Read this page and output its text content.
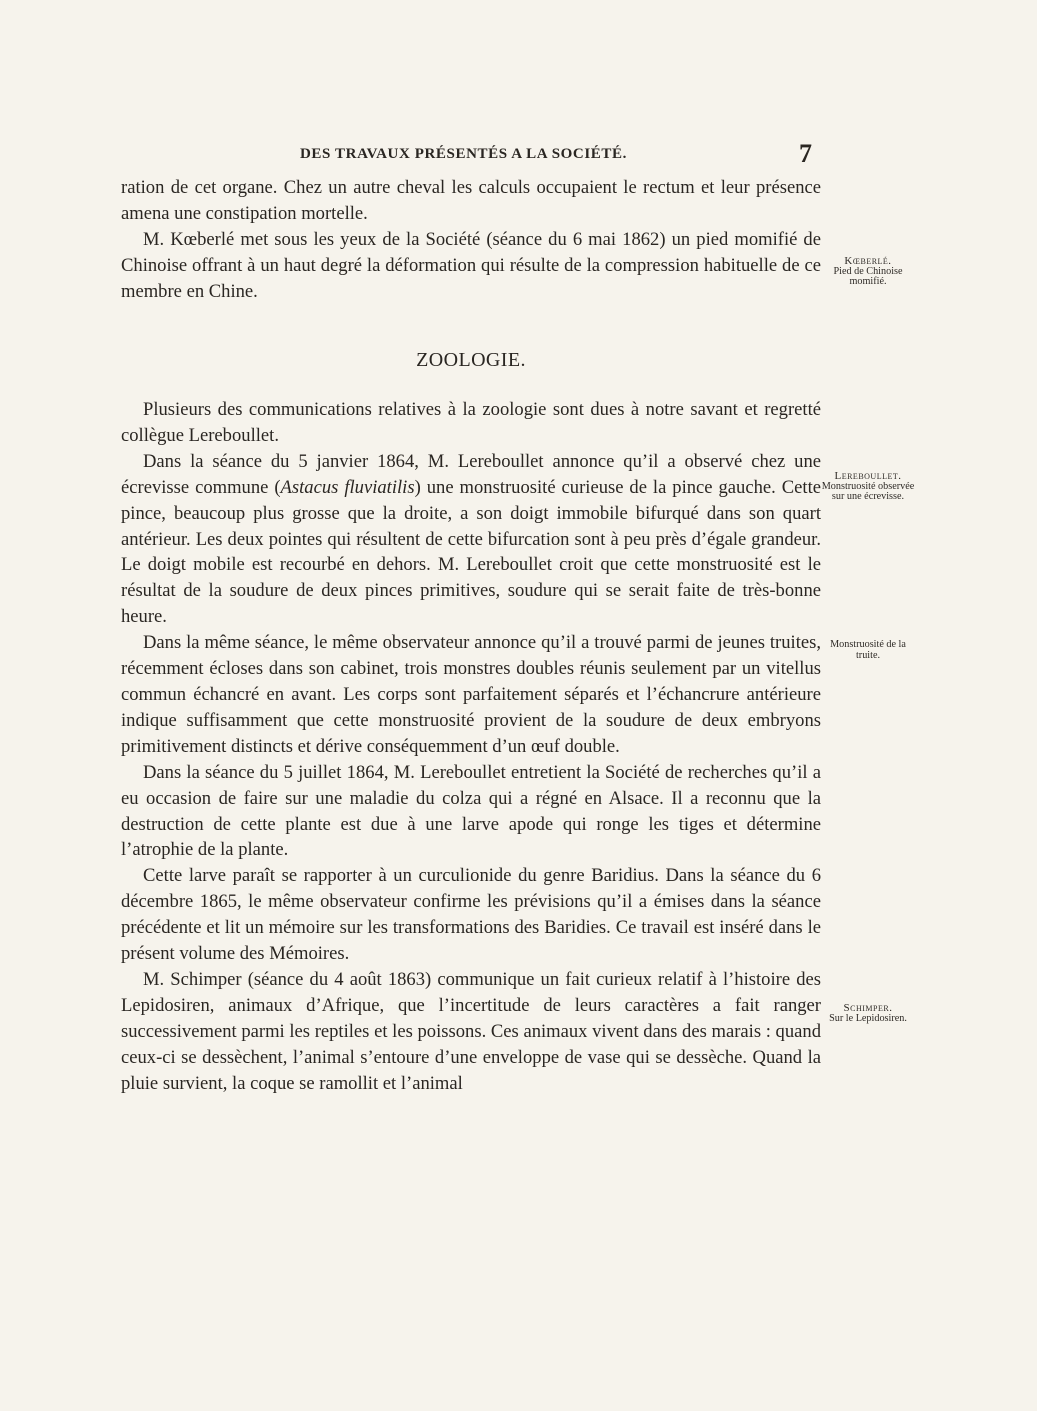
DES TRAVAUX PRÉSENTÉS A LA SOCIÉTÉ.	7

ration de cet organe. Chez un autre cheval les calculs occupaient le rectum et leur présence amena une constipation mortelle.

M. Kœberlé met sous les yeux de la Société (séance du 6 mai 1862) un pied momifié de Chinoise offrant à un haut degré la déformation qui résulte de la compression habituelle de ce membre en Chine.

ZOOLOGIE.

Plusieurs des communications relatives à la zoologie sont dues à notre savant et regretté collègue Lereboullet.

Dans la séance du 5 janvier 1864, M. Lereboullet annonce qu’il a observé chez une écrevisse commune (Astacus fluviatilis) une monstruosité curieuse de la pince gauche. Cette pince, beaucoup plus grosse que la droite, a son doigt immobile bifurqué dans son quart antérieur. Les deux pointes qui résultent de cette bifurcation sont à peu près d’égale grandeur. Le doigt mobile est recourbé en dehors. M. Lereboullet croit que cette monstruosité est le résultat de la soudure de deux pinces primitives, soudure qui se serait faite de très-bonne heure.

Dans la même séance, le même observateur annonce qu’il a trouvé parmi de jeunes truites, récemment écloses dans son cabinet, trois monstres doubles réunis seulement par un vitellus commun échancré en avant. Les corps sont parfaitement séparés et l’échancrure antérieure indique suffisamment que cette monstruosité provient de la soudure de deux embryons primitivement distincts et dérive conséquemment d’un œuf double.

Dans la séance du 5 juillet 1864, M. Lereboullet entretient la Société de recherches qu’il a eu occasion de faire sur une maladie du colza qui a régné en Alsace. Il a reconnu que la destruction de cette plante est due à une larve apode qui ronge les tiges et détermine l’atrophie de la plante.

Cette larve paraît se rapporter à un curculionide du genre Baridius. Dans la séance du 6 décembre 1865, le même observateur confirme les prévisions qu’il a émises dans la séance précédente et lit un mémoire sur les transformations des Baridies. Ce travail est inséré dans le présent volume des Mémoires.

M. Schimper (séance du 4 août 1863) communique un fait curieux relatif à l’histoire des Lepidosiren, animaux d’Afrique, que l’incertitude de leurs caractères a fait ranger successivement parmi les reptiles et les poissons. Ces animaux vivent dans des marais : quand ceux-ci se dessèchent, l’animal s’entoure d’une enveloppe de vase qui se dessèche. Quand la pluie survient, la coque se ramollit et l’animal

Kœberlé.
Pied de Chinoise momifié.
Lereboullet.
Monstruosité observée sur une écrevisse.
Monstruosité de la truite.
Schimper.
Sur le Lepidosiren.
